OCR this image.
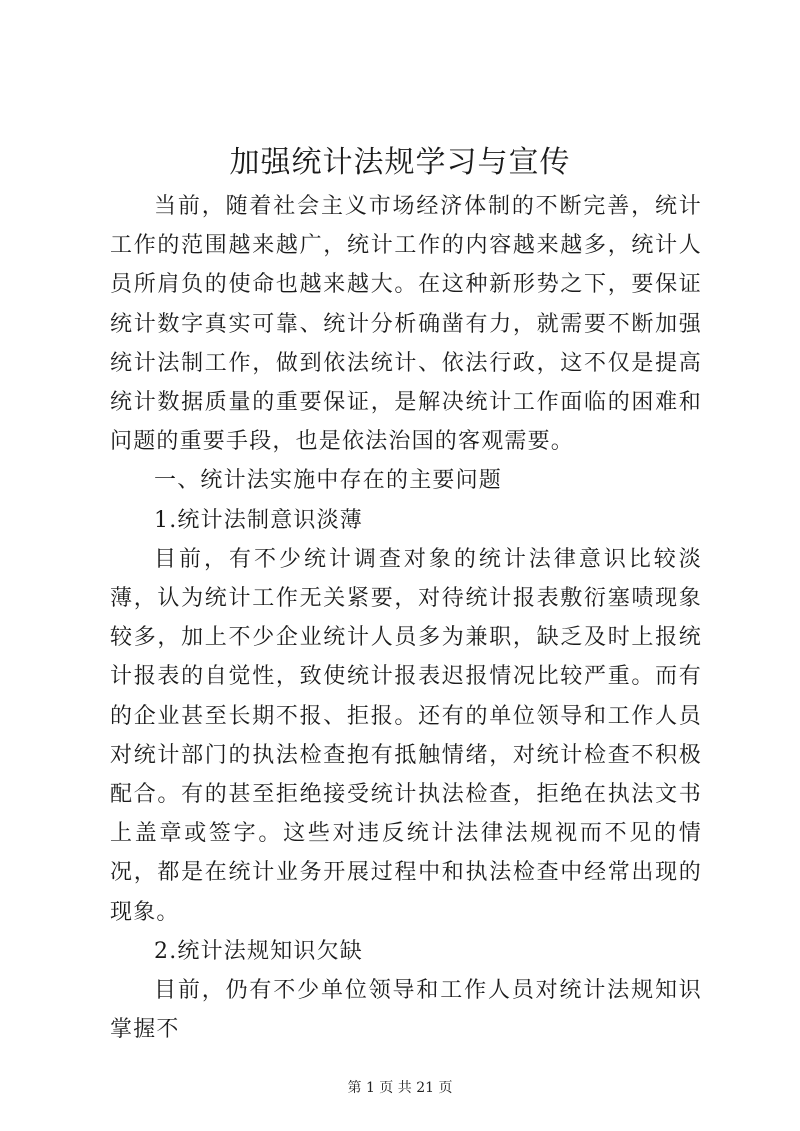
加强统计法规学习与宣传

当前，随着社会主义市场经济体制的不断完善，统计工作的范围越来越广，统计工作的内容越来越多，统计人员所肩负的使命也越来越大。在这种新形势之下，要保证统计数字真实可靠、统计分析确凿有力，就需要不断加强统计法制工作，做到依法统计、依法行政，这不仅是提高统计数据质量的重要保证，是解决统计工作面临的困难和问题的重要手段，也是依法治国的客观需要。

一、统计法实施中存在的主要问题

1.统计法制意识淡薄

目前，有不少统计调查对象的统计法律意识比较淡薄，认为统计工作无关紧要，对待统计报表敷衍塞啧现象较多，加上不少企业统计人员多为兼职，缺乏及时上报统计报表的自觉性，致使统计报表迟报情况比较严重。而有的企业甚至长期不报、拒报。还有的单位领导和工作人员对统计部门的执法检查抱有抵触情绪，对统计检查不积极配合。有的甚至拒绝接受统计执法检查，拒绝在执法文书上盖章或签字。这些对违反统计法律法规视而不见的情况，都是在统计业务开展过程中和执法检查中经常出现的现象。

2.统计法规知识欠缺

目前，仍有不少单位领导和工作人员对统计法规知识掌握不

第 1 页 共 21 页
